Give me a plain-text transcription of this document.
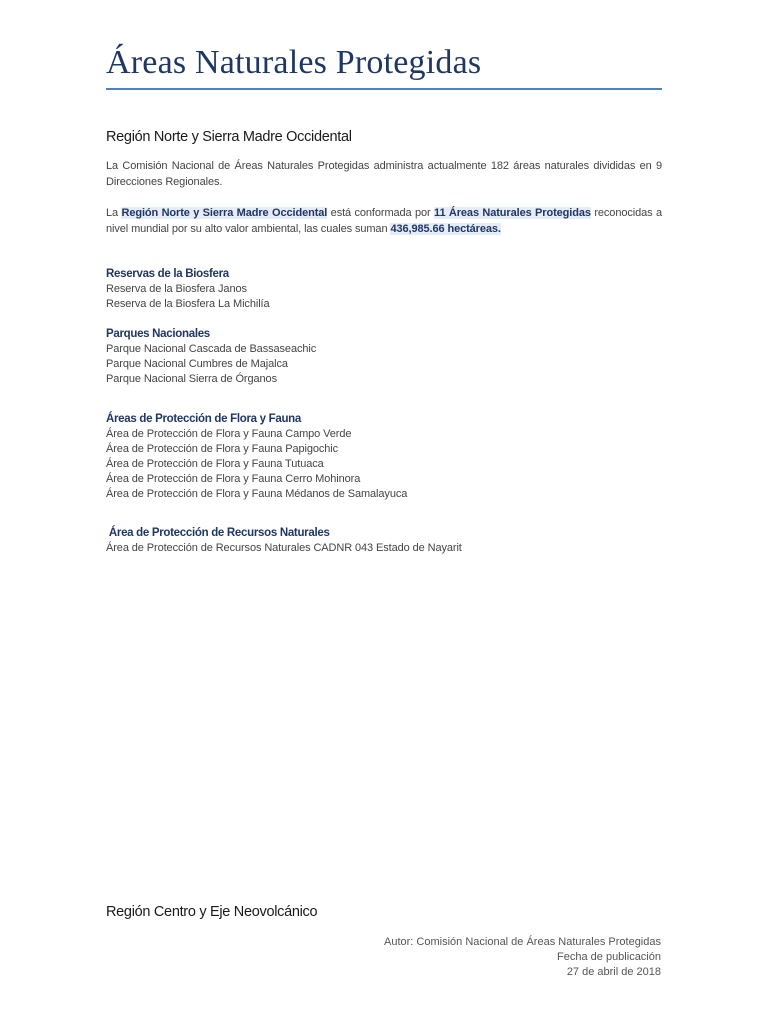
Áreas Naturales Protegidas
Región Norte y Sierra Madre Occidental

La Comisión Nacional de Áreas Naturales Protegidas administra actualmente 182 áreas naturales divididas en 9 Direcciones Regionales.

La Región Norte y Sierra Madre Occidental está conformada por 11 Áreas Naturales Protegidas reconocidas a nivel mundial por su alto valor ambiental, las cuales suman 436,985.66 hectáreas.

Reservas de la Biosfera
Reserva de la Biosfera Janos
Reserva de la Biosfera La Michilía
Parques Nacionales
Parque Nacional Cascada de Bassaseachic
Parque Nacional Cumbres de Majalca
Parque Nacional Sierra de Órganos
Áreas de Protección de Flora y Fauna
Área de Protección de Flora y Fauna Campo Verde
Área de Protección de Flora y Fauna Papigochic
Área de Protección de Flora y Fauna Tutuaca
Área de Protección de Flora y Fauna Cerro Mohinora
Área de Protección de Flora y Fauna Médanos de Samalayuca
Área de Protección de Recursos Naturales
Área de Protección de Recursos Naturales CADNR 043 Estado de Nayarit
Región Centro y Eje Neovolcánico
Autor: Comisión Nacional de Áreas Naturales Protegidas
Fecha de publicación
27 de abril de 2018
